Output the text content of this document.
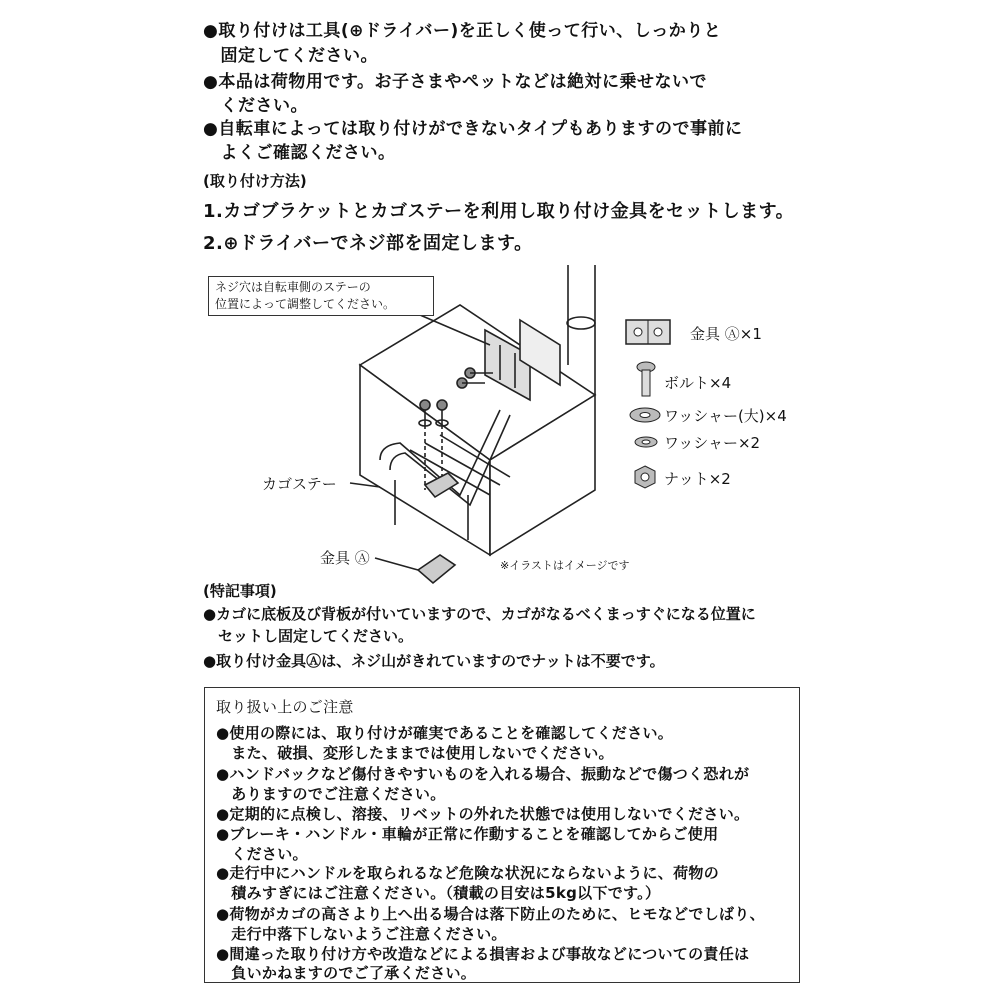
●取り付けは工具(⊕ドライバー)を正しく使って行い、しっかりと
　固定してください。
●本品は荷物用です。お子さまやペットなどは絶対に乗せないで
　ください。
●自転車によっては取り付けができないタイプもありますので事前に
　よくご確認ください。
(取り付け方法)
1.カゴブラケットとカゴステーを利用し取り付け金具をセットします。
2.⊕ドライバーでネジ部を固定します。
ネジ穴は自転車側のステーの
位置によって調整してください。
カゴステー
金具 Ⓐ	※イラストはイメージです
金具 Ⓐ×1
ボルト×4
ワッシャー(大)×4
ワッシャー×2
ナット×2
(特記事項)
●カゴに底板及び背板が付いていますので、カゴがなるべくまっすぐになる位置に
　セットし固定してください。
●取り付け金具Ⓐは、ネジ山がきれていますのでナットは不要です。
取り扱い上のご注意
●使用の際には、取り付けが確実であることを確認してください。
　また、破損、変形したままでは使用しないでください。
●ハンドバックなど傷付きやすいものを入れる場合、振動などで傷つく恐れが
　ありますのでご注意ください。
●定期的に点検し、溶接、リベットの外れた状態では使用しないでください。
●ブレーキ・ハンドル・車輪が正常に作動することを確認してからご使用
　ください。
●走行中にハンドルを取られるなど危険な状況にならないように、荷物の
　積みすぎにはご注意ください。（積載の目安は5kg以下です。）
●荷物がカゴの高さより上へ出る場合は落下防止のために、ヒモなどでしばり、
　走行中落下しないようご注意ください。
●間違った取り付け方や改造などによる損害および事故などについての責任は
　負いかねますのでご了承ください。
